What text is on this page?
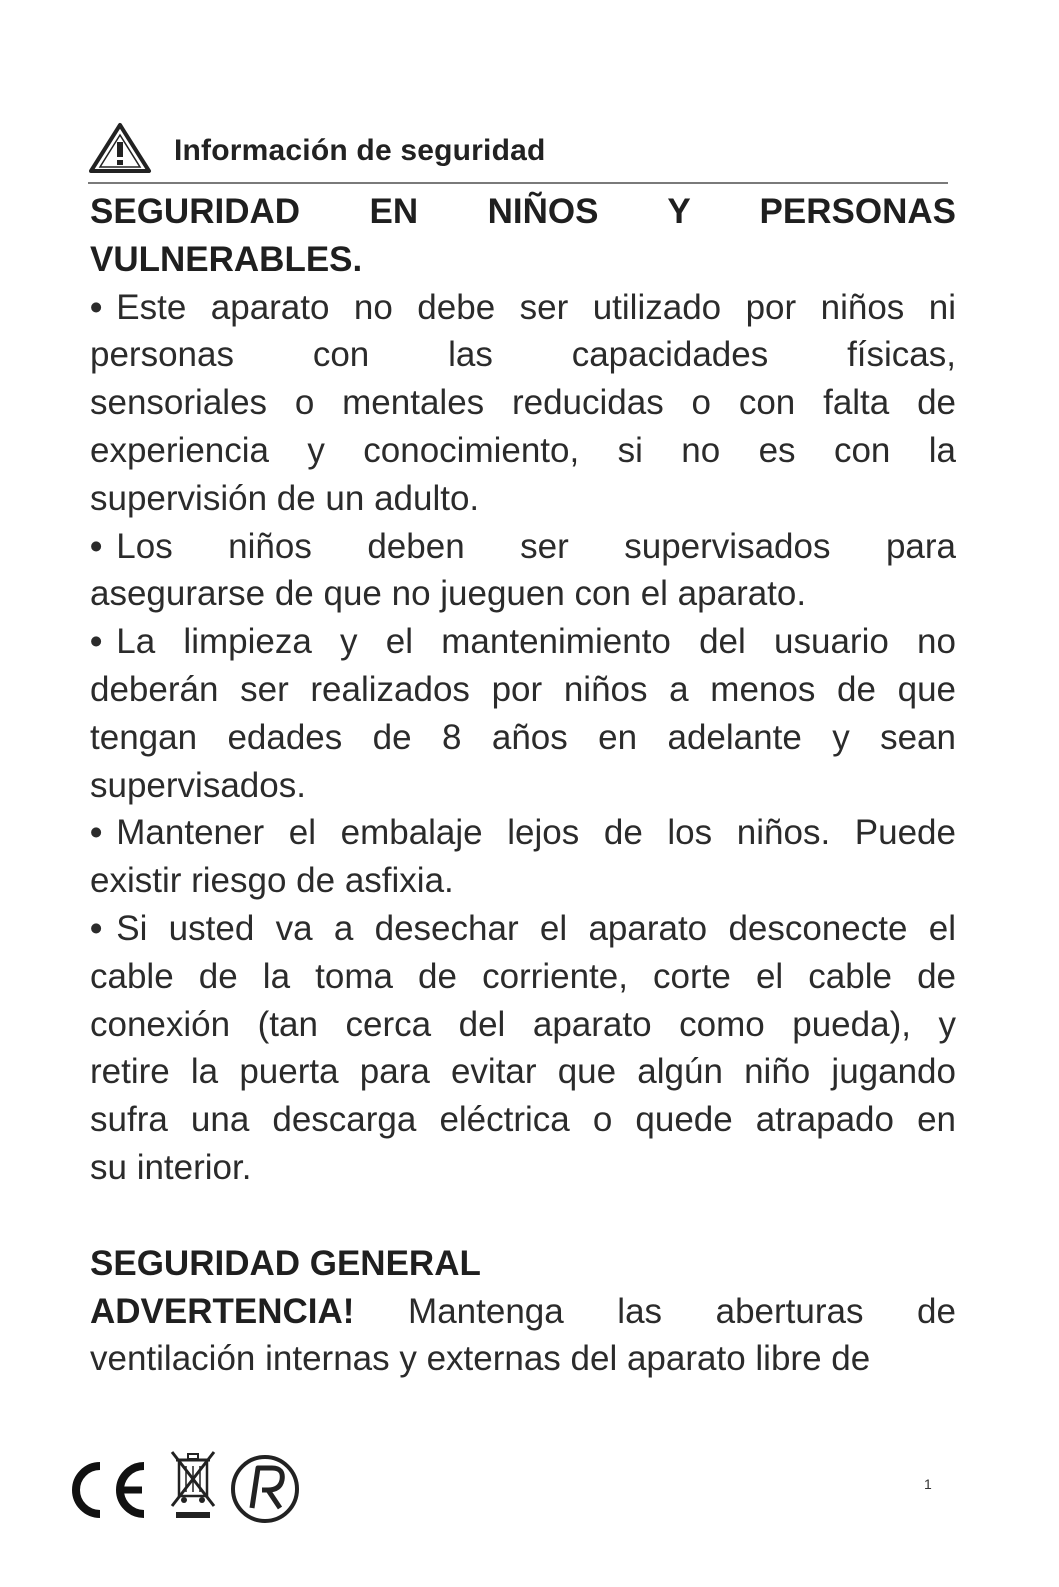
Información de seguridad
SEGURIDAD EN NIÑOS Y PERSONAS
VULNERABLES.
• Este aparato no debe ser utilizado por niños ni
personas con las capacidades físicas,
sensoriales o mentales reducidas o con falta de
experiencia y conocimiento, si no es con la
supervisión de un adulto.
• Los niños deben ser supervisados para
asegurarse de que no jueguen con el aparato.
• La limpieza y el mantenimiento del usuario no
deberán ser realizados por niños a menos de que
tengan edades de 8 años en adelante y sean
supervisados.
• Mantener el embalaje lejos de los niños. Puede
existir riesgo de asfixia.
• Si usted va a desechar el aparato desconecte el
cable de la toma de corriente, corte el cable de
conexión (tan cerca del aparato como pueda), y
retire la puerta para evitar que algún niño jugando
sufra una descarga eléctrica o quede atrapado en
su interior.
SEGURIDAD GENERAL
ADVERTENCIA! Mantenga las aberturas de
ventilación internas y externas del aparato libre de
1
